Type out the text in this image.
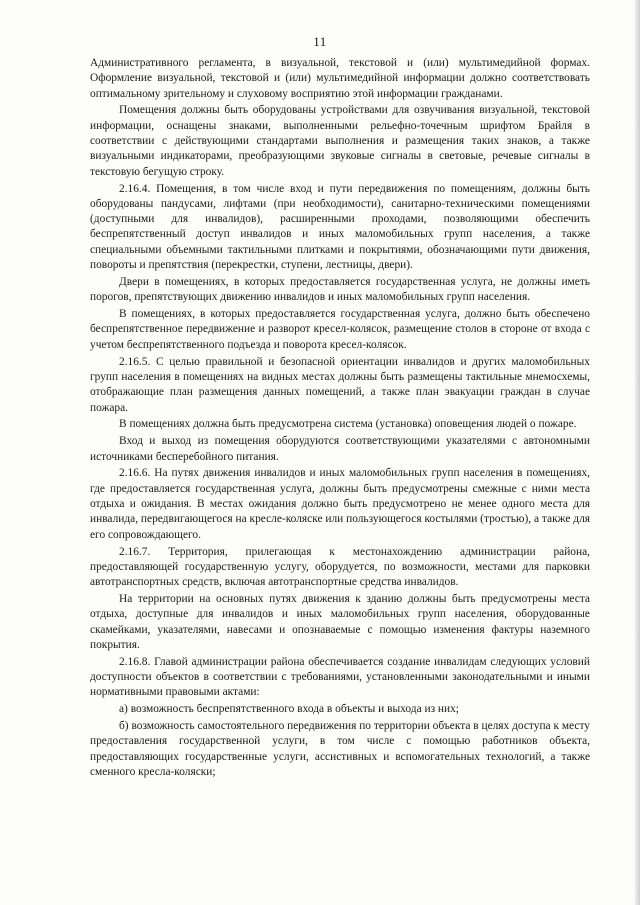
11

Административного регламента, в визуальной, текстовой и (или) мультимедийной формах. Оформление визуальной, текстовой и (или) мультимедийной информации должно соответствовать оптимальному зрительному и слуховому восприятию этой информации гражданами.

Помещения должны быть оборудованы устройствами для озвучивания визуальной, текстовой информации, оснащены знаками, выполненными рельефно-точечным шрифтом Брайля в соответствии с действующими стандартами выполнения и размещения таких знаков, а также визуальными индикаторами, преобразующими звуковые сигналы в световые, речевые сигналы в текстовую бегущую строку.

2.16.4. Помещения, в том числе вход и пути передвижения по помещениям, должны быть оборудованы пандусами, лифтами (при необходимости), санитарно-техническими помещениями (доступными для инвалидов), расширенными проходами, позволяющими обеспечить беспрепятственный доступ инвалидов и иных маломобильных групп населения, а также специальными объемными тактильными плитками и покрытиями, обозначающими пути движения, повороты и препятствия (перекрестки, ступени, лестницы, двери).

Двери в помещениях, в которых предоставляется государственная услуга, не должны иметь порогов, препятствующих движению инвалидов и иных маломобильных групп населения.

В помещениях, в которых предоставляется государственная услуга, должно быть обеспечено беспрепятственное передвижение и разворот кресел-колясок, размещение столов в стороне от входа с учетом беспрепятственного подъезда и поворота кресел-колясок.

2.16.5. С целью правильной и безопасной ориентации инвалидов и других маломобильных групп населения в помещениях на видных местах должны быть размещены тактильные мнемосхемы, отображающие план размещения данных помещений, а также план эвакуации граждан в случае пожара.

В помещениях должна быть предусмотрена система (установка) оповещения людей о пожаре.

Вход и выход из помещения оборудуются соответствующими указателями с автономными источниками бесперебойного питания.

2.16.6. На путях движения инвалидов и иных маломобильных групп населения в помещениях, где предоставляется государственная услуга, должны быть предусмотрены смежные с ними места отдыха и ожидания. В местах ожидания должно быть предусмотрено не менее одного места для инвалида, передвигающегося на кресле-коляске или пользующегося костылями (тростью), а также для его сопровождающего.

2.16.7. Территория, прилегающая к местонахождению администрации района, предоставляющей государственную услугу, оборудуется, по возможности, местами для парковки автотранспортных средств, включая автотранспортные средства инвалидов.

На территории на основных путях движения к зданию должны быть предусмотрены места отдыха, доступные для инвалидов и иных маломобильных групп населения, оборудованные скамейками, указателями, навесами и опознаваемые с помощью изменения фактуры наземного покрытия.

2.16.8. Главой администрации района обеспечивается создание инвалидам следующих условий доступности объектов в соответствии с требованиями, установленными законодательными и иными нормативными правовыми актами:

а) возможность беспрепятственного входа в объекты и выхода из них;

б) возможность самостоятельного передвижения по территории объекта в целях доступа к месту предоставления государственной услуги, в том числе с помощью работников объекта, предоставляющих государственные услуги, ассистивных и вспомогательных технологий, а также сменного кресла-коляски;
